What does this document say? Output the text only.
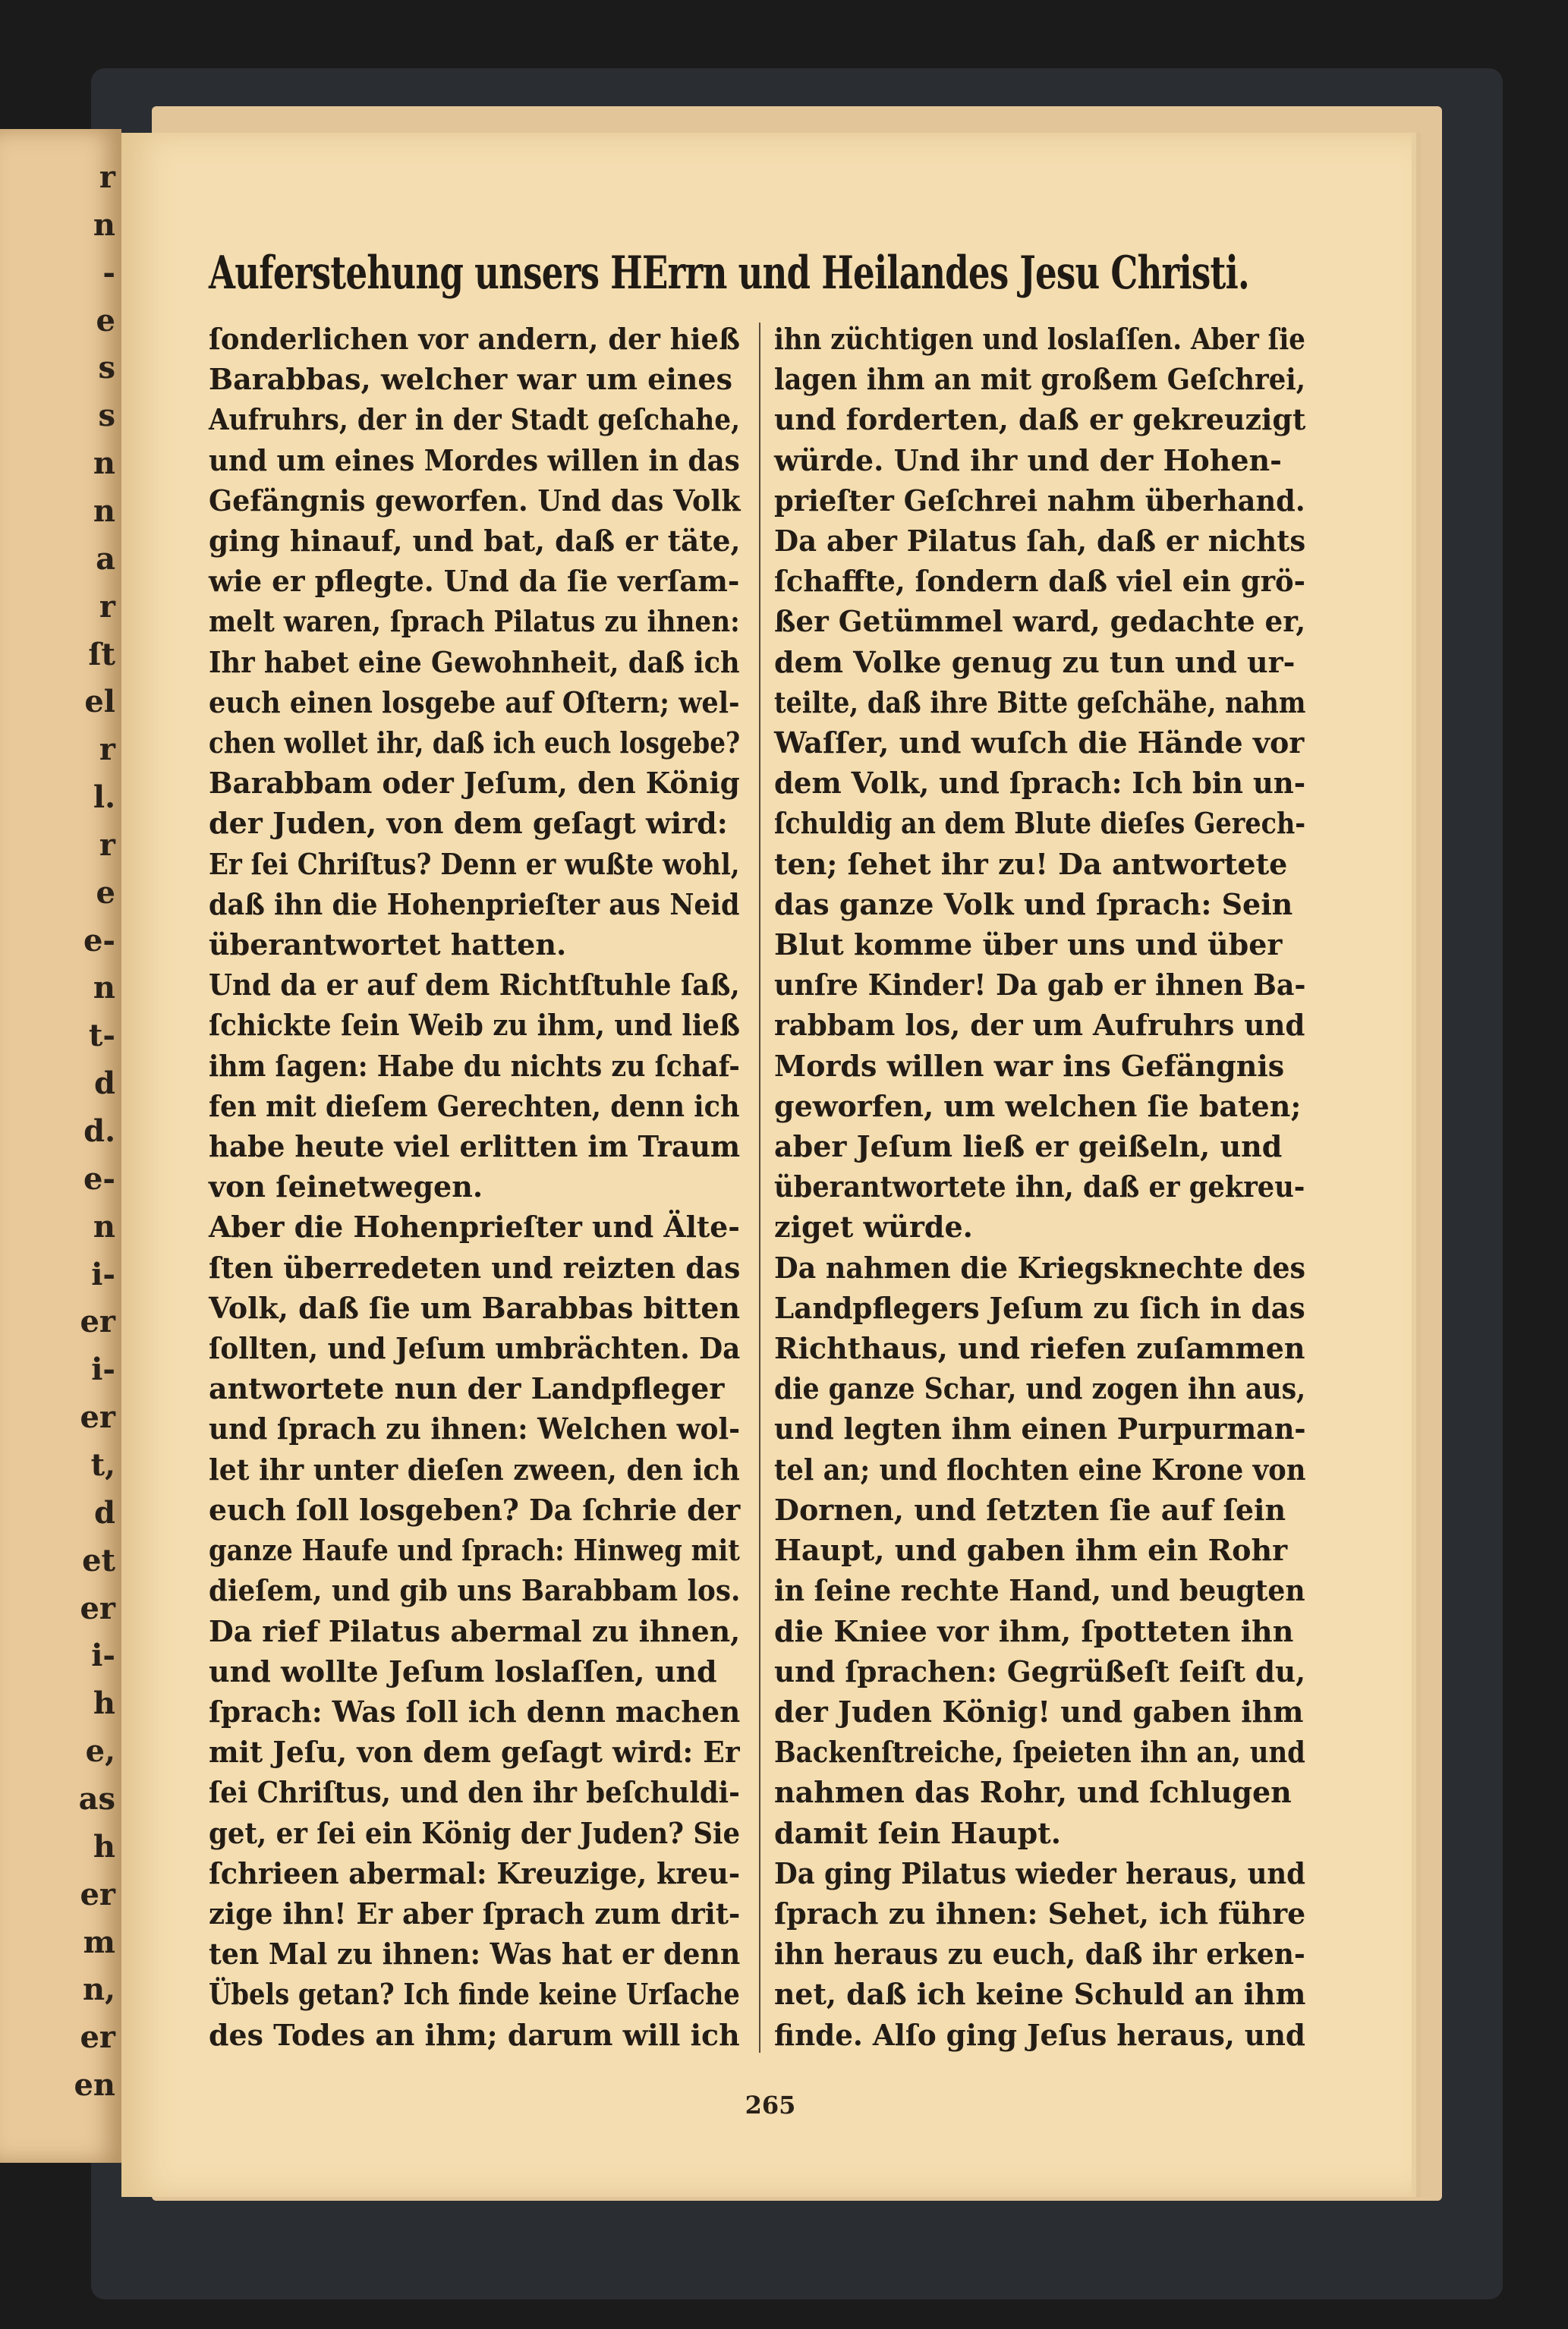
r
n
-
e
s
s
n
n
a
r
ſt
el
r
l.
r
e
e-
n
t-
d
d.
e-
n
i-
er
i-
er
t,
d
et
er
i-
h
e,
as
h
er
m
n,
er
en
Auferstehung unsers HErrn und Heilandes Jesu Christi.

ſonderlichen vor andern, der hieß
Barabbas, welcher war um eines
Aufruhrs, der in der Stadt geſchahe,
und um eines Mordes willen in das
Gefängnis geworfen. Und das Volk
ging hinauf, und bat, daß er täte,
wie er pflegte. Und da ſie verſam-
melt waren, ſprach Pilatus zu ihnen:
Ihr habet eine Gewohnheit, daß ich
euch einen losgebe auf Oſtern; wel-
chen wollet ihr, daß ich euch losgebe?
Barabbam oder Jeſum, den König
der Juden, von dem geſagt wird:
Er ſei Chriſtus? Denn er wußte wohl,
daß ihn die Hohenprieſter aus Neid
überantwortet hatten.

Und da er auf dem Richtſtuhle ſaß,
ſchickte ſein Weib zu ihm, und ließ
ihm ſagen: Habe du nichts zu ſchaf-
fen mit dieſem Gerechten, denn ich
habe heute viel erlitten im Traum
von ſeinetwegen.

Aber die Hohenprieſter und Älte-
ſten überredeten und reizten das
Volk, daß ſie um Barabbas bitten
ſollten, und Jeſum umbrächten. Da
antwortete nun der Landpfleger
und ſprach zu ihnen: Welchen wol-
let ihr unter dieſen zween, den ich
euch ſoll losgeben? Da ſchrie der
ganze Haufe und ſprach: Hinweg mit
dieſem, und gib uns Barabbam los.
Da rief Pilatus abermal zu ihnen,
und wollte Jeſum loslaſſen, und
ſprach: Was ſoll ich denn machen
mit Jeſu, von dem geſagt wird: Er
ſei Chriſtus, und den ihr beſchuldi-
get, er ſei ein König der Juden? Sie
ſchrieen abermal: Kreuzige, kreu-
zige ihn! Er aber ſprach zum drit-
ten Mal zu ihnen: Was hat er denn
Übels getan? Ich finde keine Urſache
des Todes an ihm; darum will ich

ihn züchtigen und loslaſſen. Aber ſie
lagen ihm an mit großem Geſchrei,
und forderten, daß er gekreuzigt
würde. Und ihr und der Hohen-
prieſter Geſchrei nahm überhand.
Da aber Pilatus ſah, daß er nichts
ſchaffte, ſondern daß viel ein grö-
ßer Getümmel ward, gedachte er,
dem Volke genug zu tun und ur-
teilte, daß ihre Bitte geſchähe, nahm
Waſſer, und wuſch die Hände vor
dem Volk, und ſprach: Ich bin un-
ſchuldig an dem Blute dieſes Gerech-
ten; ſehet ihr zu! Da antwortete
das ganze Volk und ſprach: Sein
Blut komme über uns und über
unſre Kinder! Da gab er ihnen Ba-
rabbam los, der um Aufruhrs und
Mords willen war ins Gefängnis
geworfen, um welchen ſie baten;
aber Jeſum ließ er geißeln, und
überantwortete ihn, daß er gekreu-
ziget würde.

Da nahmen die Kriegsknechte des
Landpflegers Jeſum zu ſich in das
Richthaus, und riefen zuſammen
die ganze Schar, und zogen ihn aus,
und legten ihm einen Purpurman-
tel an; und flochten eine Krone von
Dornen, und ſetzten ſie auf ſein
Haupt, und gaben ihm ein Rohr
in ſeine rechte Hand, und beugten
die Kniee vor ihm, ſpotteten ihn
und ſprachen: Gegrüßeſt ſeiſt du,
der Juden König! und gaben ihm
Backenſtreiche, ſpeieten ihn an, und
nahmen das Rohr, und ſchlugen
damit ſein Haupt.

Da ging Pilatus wieder heraus, und
ſprach zu ihnen: Sehet, ich führe
ihn heraus zu euch, daß ihr erken-
net, daß ich keine Schuld an ihm
finde. Alſo ging Jeſus heraus, und

265
